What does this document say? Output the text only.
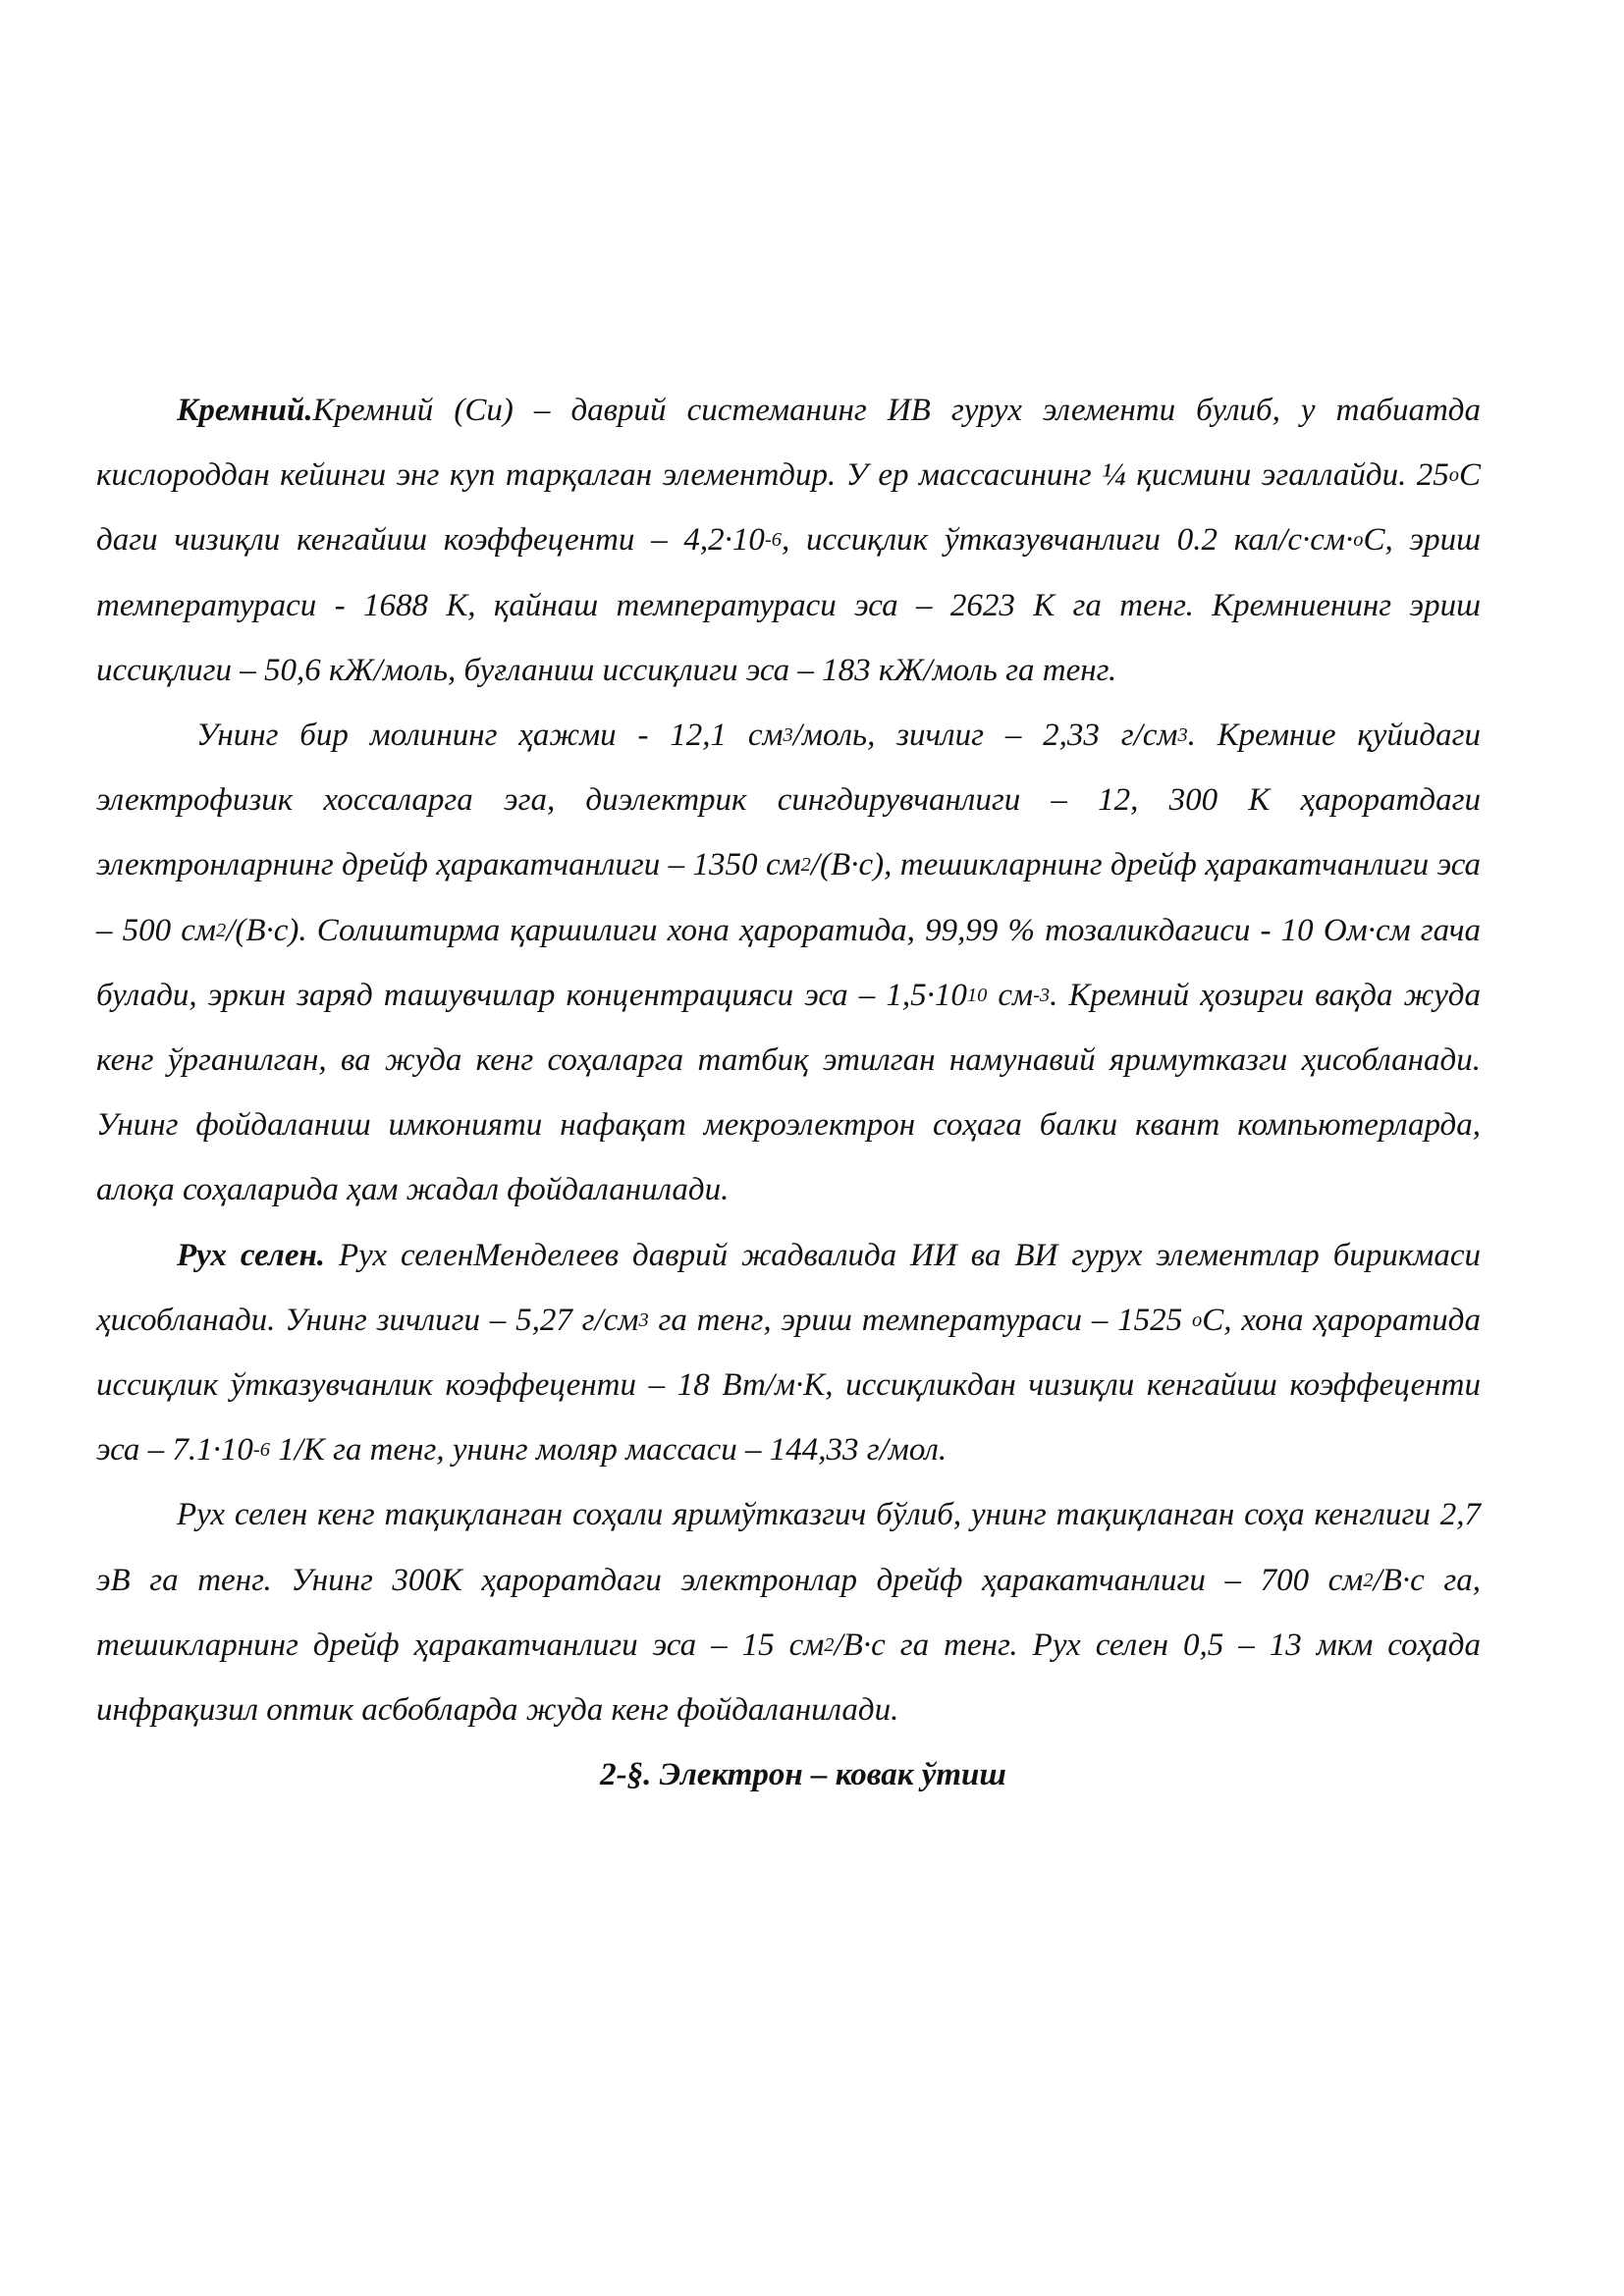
Кремний.Кремний (Си) – даврий системанинг ИВ гурух элементи булиб, у табиатда кислороддан кейинги энг куп тарқалган элементдир. У ер массасининг ¼ қисмини эгаллайди. $25^оС$ даги чизиқли кенгайиш коэффеценти – $4,2\cdot 10^{-6}$, иссиқлик ўтказувчанлиги 0.2 кал/с·см·$^о$С, эриш температураси - 1688 К, қайнаш температураси эса – 2623 К га тенг. Кремниенинг эриш иссиқлиги – 50,6 кЖ/моль, буғланиш иссиқлиги эса – 183 кЖ/моль га тенг.

Унинг бир молининг ҳажми - 12,1 $см^3$/моль, зичлиг – 2,33 $г/см^3$. Кремние қуйидаги электрофизик хоссаларга эга, диэлектрик сингдирувчанлиги – 12, 300 К ҳароратдаги электронларнинг дрейф ҳаракатчанлиги – 1350 $см^2/(В\cdot с)$, тешикларнинг дрейф ҳаракатчанлиги эса – 500 $см^2/(В\cdot с)$. Солиштирма қаршилиги хона ҳароратида, 99,99 % тозаликдагиси - 10 Ом·см гача булади, эркин заряд ташувчилар концентрацияси эса – $1,5\cdot 10^{10}$ $см^{-3}$. Кремний ҳозирги вақда жуда кенг ўрганилган, ва жуда кенг соҳаларга татбиқ этилган намунавий яримутказги ҳисобланади. Унинг фойдаланиш имконияти нафақат мекроэлектрон соҳага балки квант компьютерларда, алоқа соҳаларида ҳам жадал фойдаланилади.

Рух селен. Рух селенМенделеев даврий жадвалида ИИ ва ВИ гурух элементлар бирикмаси ҳисобланади. Унинг зичлиги – 5,27 $г/см^3$ га тенг, эриш температураси – 1525 $^о$С, хона ҳароратида иссиқлик ўтказувчанлик коэффеценти – 18 Вт/м·К, иссиқликдан чизиқли кенгайиш коэффеценти эса – $7.1\cdot 10^{-6}$ 1/К га тенг, унинг моляр массаси – 144,33 г/мол.

Рух селен кенг тақиқланган соҳали яримўтказгич бўлиб, унинг тақиқланган соҳа кенглиги 2,7 эВ га тенг. Унинг 300К ҳароратдаги электронлар дрейф ҳаракатчанлиги – 700 $см^2/В\cdot с$ га, тешикларнинг дрейф ҳаракатчанлиги эса – 15 $см^2/В\cdot с$ га тенг. Рух селен 0,5 – 13 мкм соҳада инфрақизил оптик асбобларда жуда кенг фойдаланилади.

2-§. Электрон – ковак ўтиш
